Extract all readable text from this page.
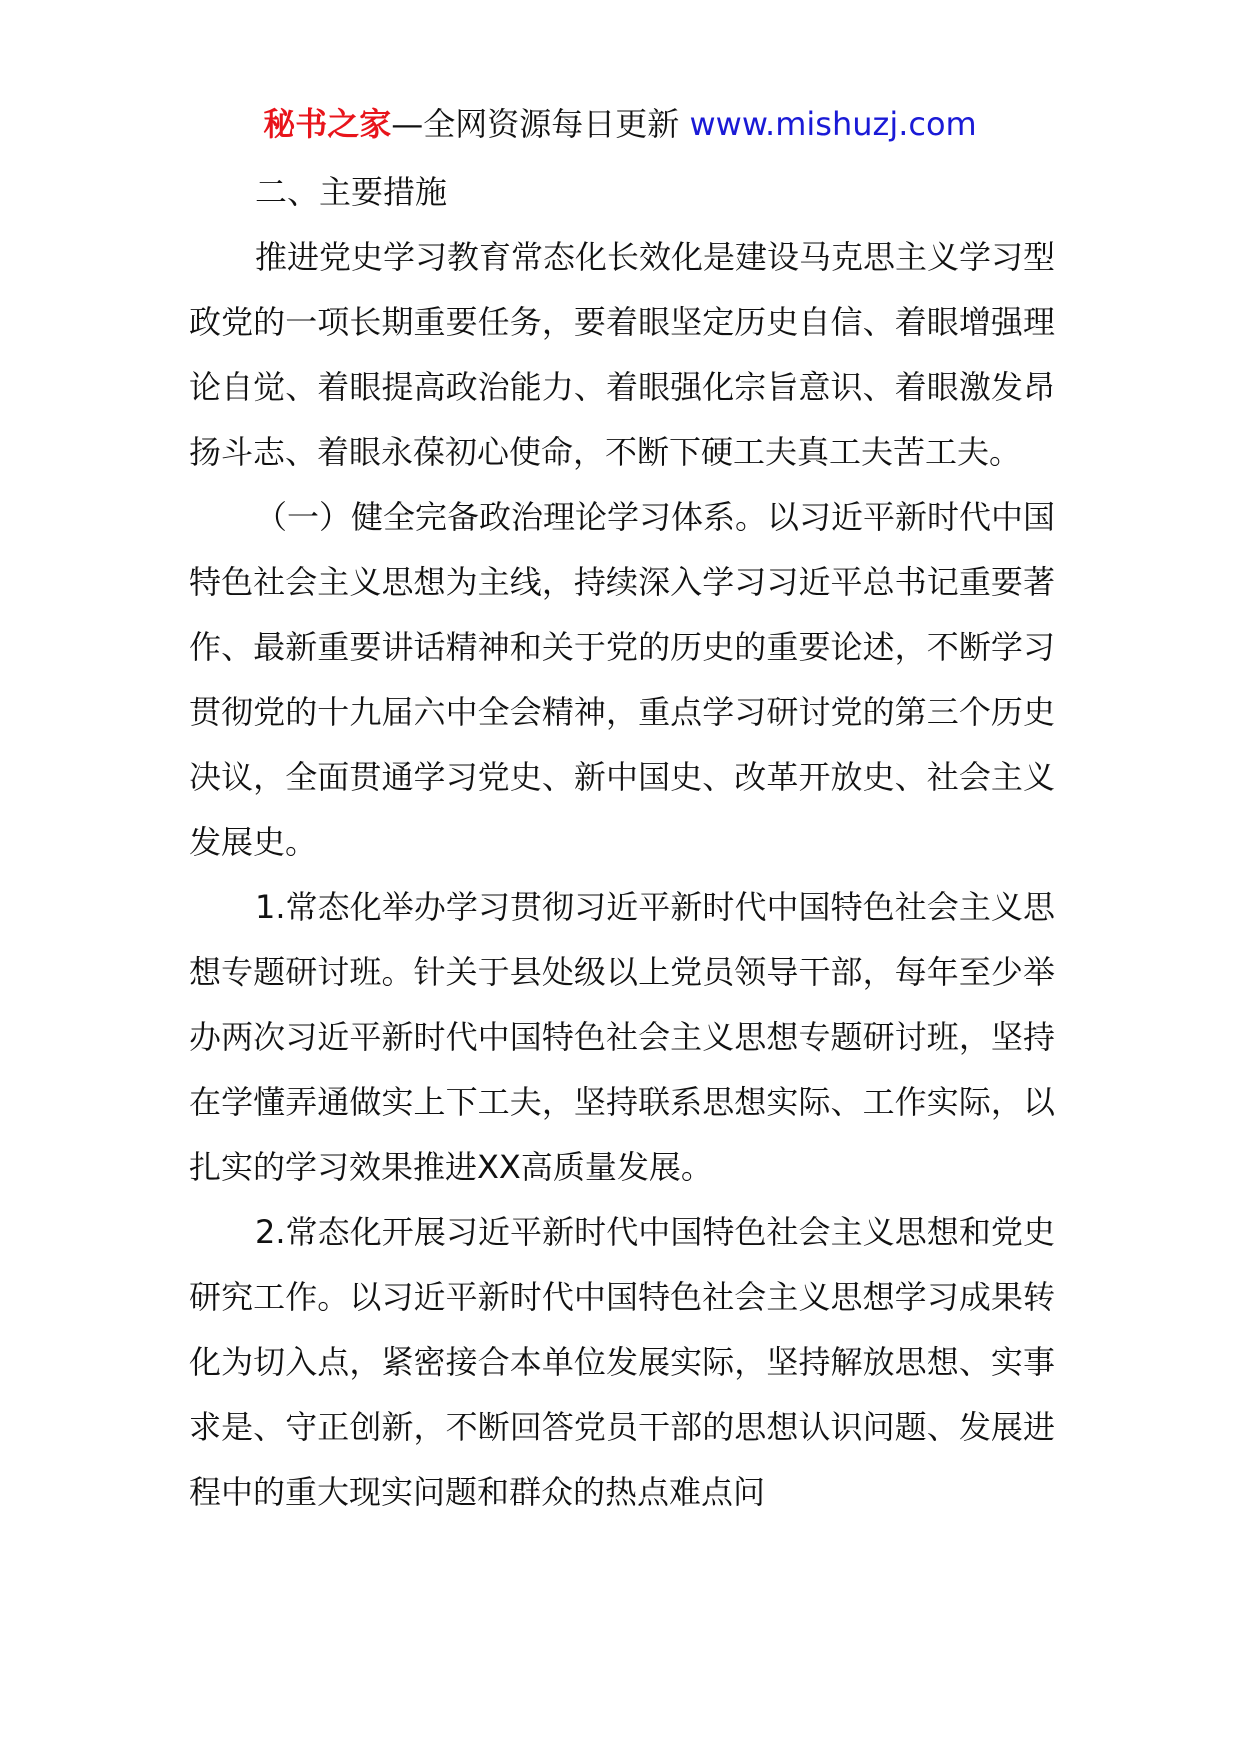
秘书之家—全网资源每日更新 www.mishuzj.com

二、主要措施

推进党史学习教育常态化长效化是建设马克思主义学习型政党的一项长期重要任务，要着眼坚定历史自信、着眼增强理论自觉、着眼提高政治能力、着眼强化宗旨意识、着眼激发昂扬斗志、着眼永葆初心使命，不断下硬工夫真工夫苦工夫。

（一）健全完备政治理论学习体系。以习近平新时代中国特色社会主义思想为主线，持续深入学习习近平总书记重要著作、最新重要讲话精神和关于党的历史的重要论述，不断学习贯彻党的十九届六中全会精神，重点学习研讨党的第三个历史决议，全面贯通学习党史、新中国史、改革开放史、社会主义发展史。

1.常态化举办学习贯彻习近平新时代中国特色社会主义思想专题研讨班。针关于县处级以上党员领导干部，每年至少举办两次习近平新时代中国特色社会主义思想专题研讨班，坚持在学懂弄通做实上下工夫，坚持联系思想实际、工作实际，以扎实的学习效果推进XX高质量发展。

2.常态化开展习近平新时代中国特色社会主义思想和党史研究工作。以习近平新时代中国特色社会主义思想学习成果转化为切入点，紧密接合本单位发展实际，坚持解放思想、实事求是、守正创新，不断回答党员干部的思想认识问题、发展进程中的重大现实问题和群众的热点难点问
